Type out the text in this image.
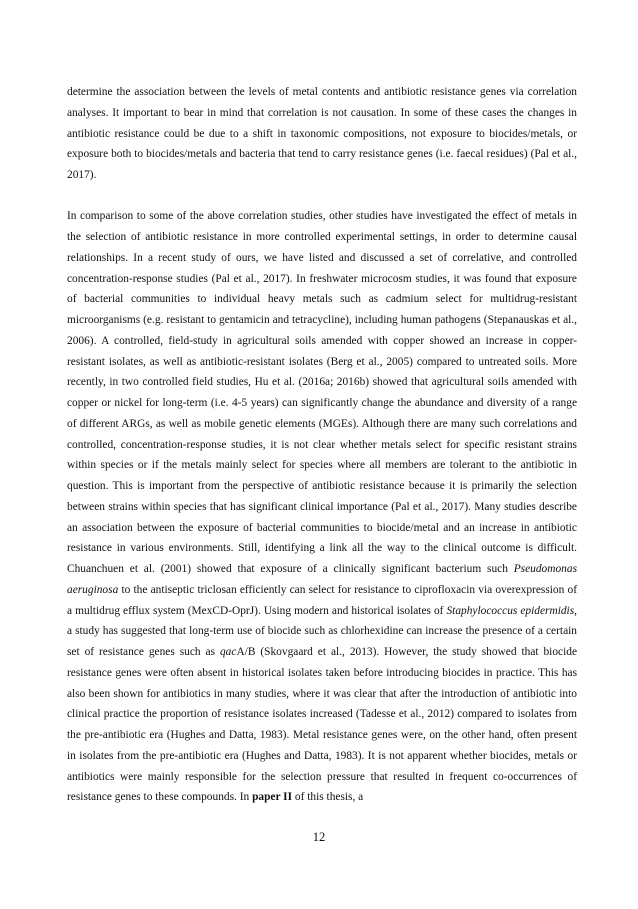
determine the association between the levels of metal contents and antibiotic resistance genes via correlation analyses. It important to bear in mind that correlation is not causation. In some of these cases the changes in antibiotic resistance could be due to a shift in taxonomic compositions, not exposure to biocides/metals, or exposure both to biocides/metals and bacteria that tend to carry resistance genes (i.e. faecal residues) (Pal et al., 2017).

In comparison to some of the above correlation studies, other studies have investigated the effect of metals in the selection of antibiotic resistance in more controlled experimental settings, in order to determine causal relationships. In a recent study of ours, we have listed and discussed a set of correlative, and controlled concentration-response studies (Pal et al., 2017). In freshwater microcosm studies, it was found that exposure of bacterial communities to individual heavy metals such as cadmium select for multidrug-resistant microorganisms (e.g. resistant to gentamicin and tetracycline), including human pathogens (Stepanauskas et al., 2006). A controlled, field-study in agricultural soils amended with copper showed an increase in copper-resistant isolates, as well as antibiotic-resistant isolates (Berg et al., 2005) compared to untreated soils. More recently, in two controlled field studies, Hu et al. (2016a; 2016b) showed that agricultural soils amended with copper or nickel for long-term (i.e. 4-5 years) can significantly change the abundance and diversity of a range of different ARGs, as well as mobile genetic elements (MGEs). Although there are many such correlations and controlled, concentration-response studies, it is not clear whether metals select for specific resistant strains within species or if the metals mainly select for species where all members are tolerant to the antibiotic in question. This is important from the perspective of antibiotic resistance because it is primarily the selection between strains within species that has significant clinical importance (Pal et al., 2017). Many studies describe an association between the exposure of bacterial communities to biocide/metal and an increase in antibiotic resistance in various environments. Still, identifying a link all the way to the clinical outcome is difficult. Chuanchuen et al. (2001) showed that exposure of a clinically significant bacterium such Pseudomonas aeruginosa to the antiseptic triclosan efficiently can select for resistance to ciprofloxacin via overexpression of a multidrug efflux system (MexCD-OprJ). Using modern and historical isolates of Staphylococcus epidermidis, a study has suggested that long-term use of biocide such as chlorhexidine can increase the presence of a certain set of resistance genes such as qacA/B (Skovgaard et al., 2013). However, the study showed that biocide resistance genes were often absent in historical isolates taken before introducing biocides in practice. This has also been shown for antibiotics in many studies, where it was clear that after the introduction of antibiotic into clinical practice the proportion of resistance isolates increased (Tadesse et al., 2012) compared to isolates from the pre-antibiotic era (Hughes and Datta, 1983). Metal resistance genes were, on the other hand, often present in isolates from the pre-antibiotic era (Hughes and Datta, 1983). It is not apparent whether biocides, metals or antibiotics were mainly responsible for the selection pressure that resulted in frequent co-occurrences of resistance genes to these compounds. In paper II of this thesis, a

12
